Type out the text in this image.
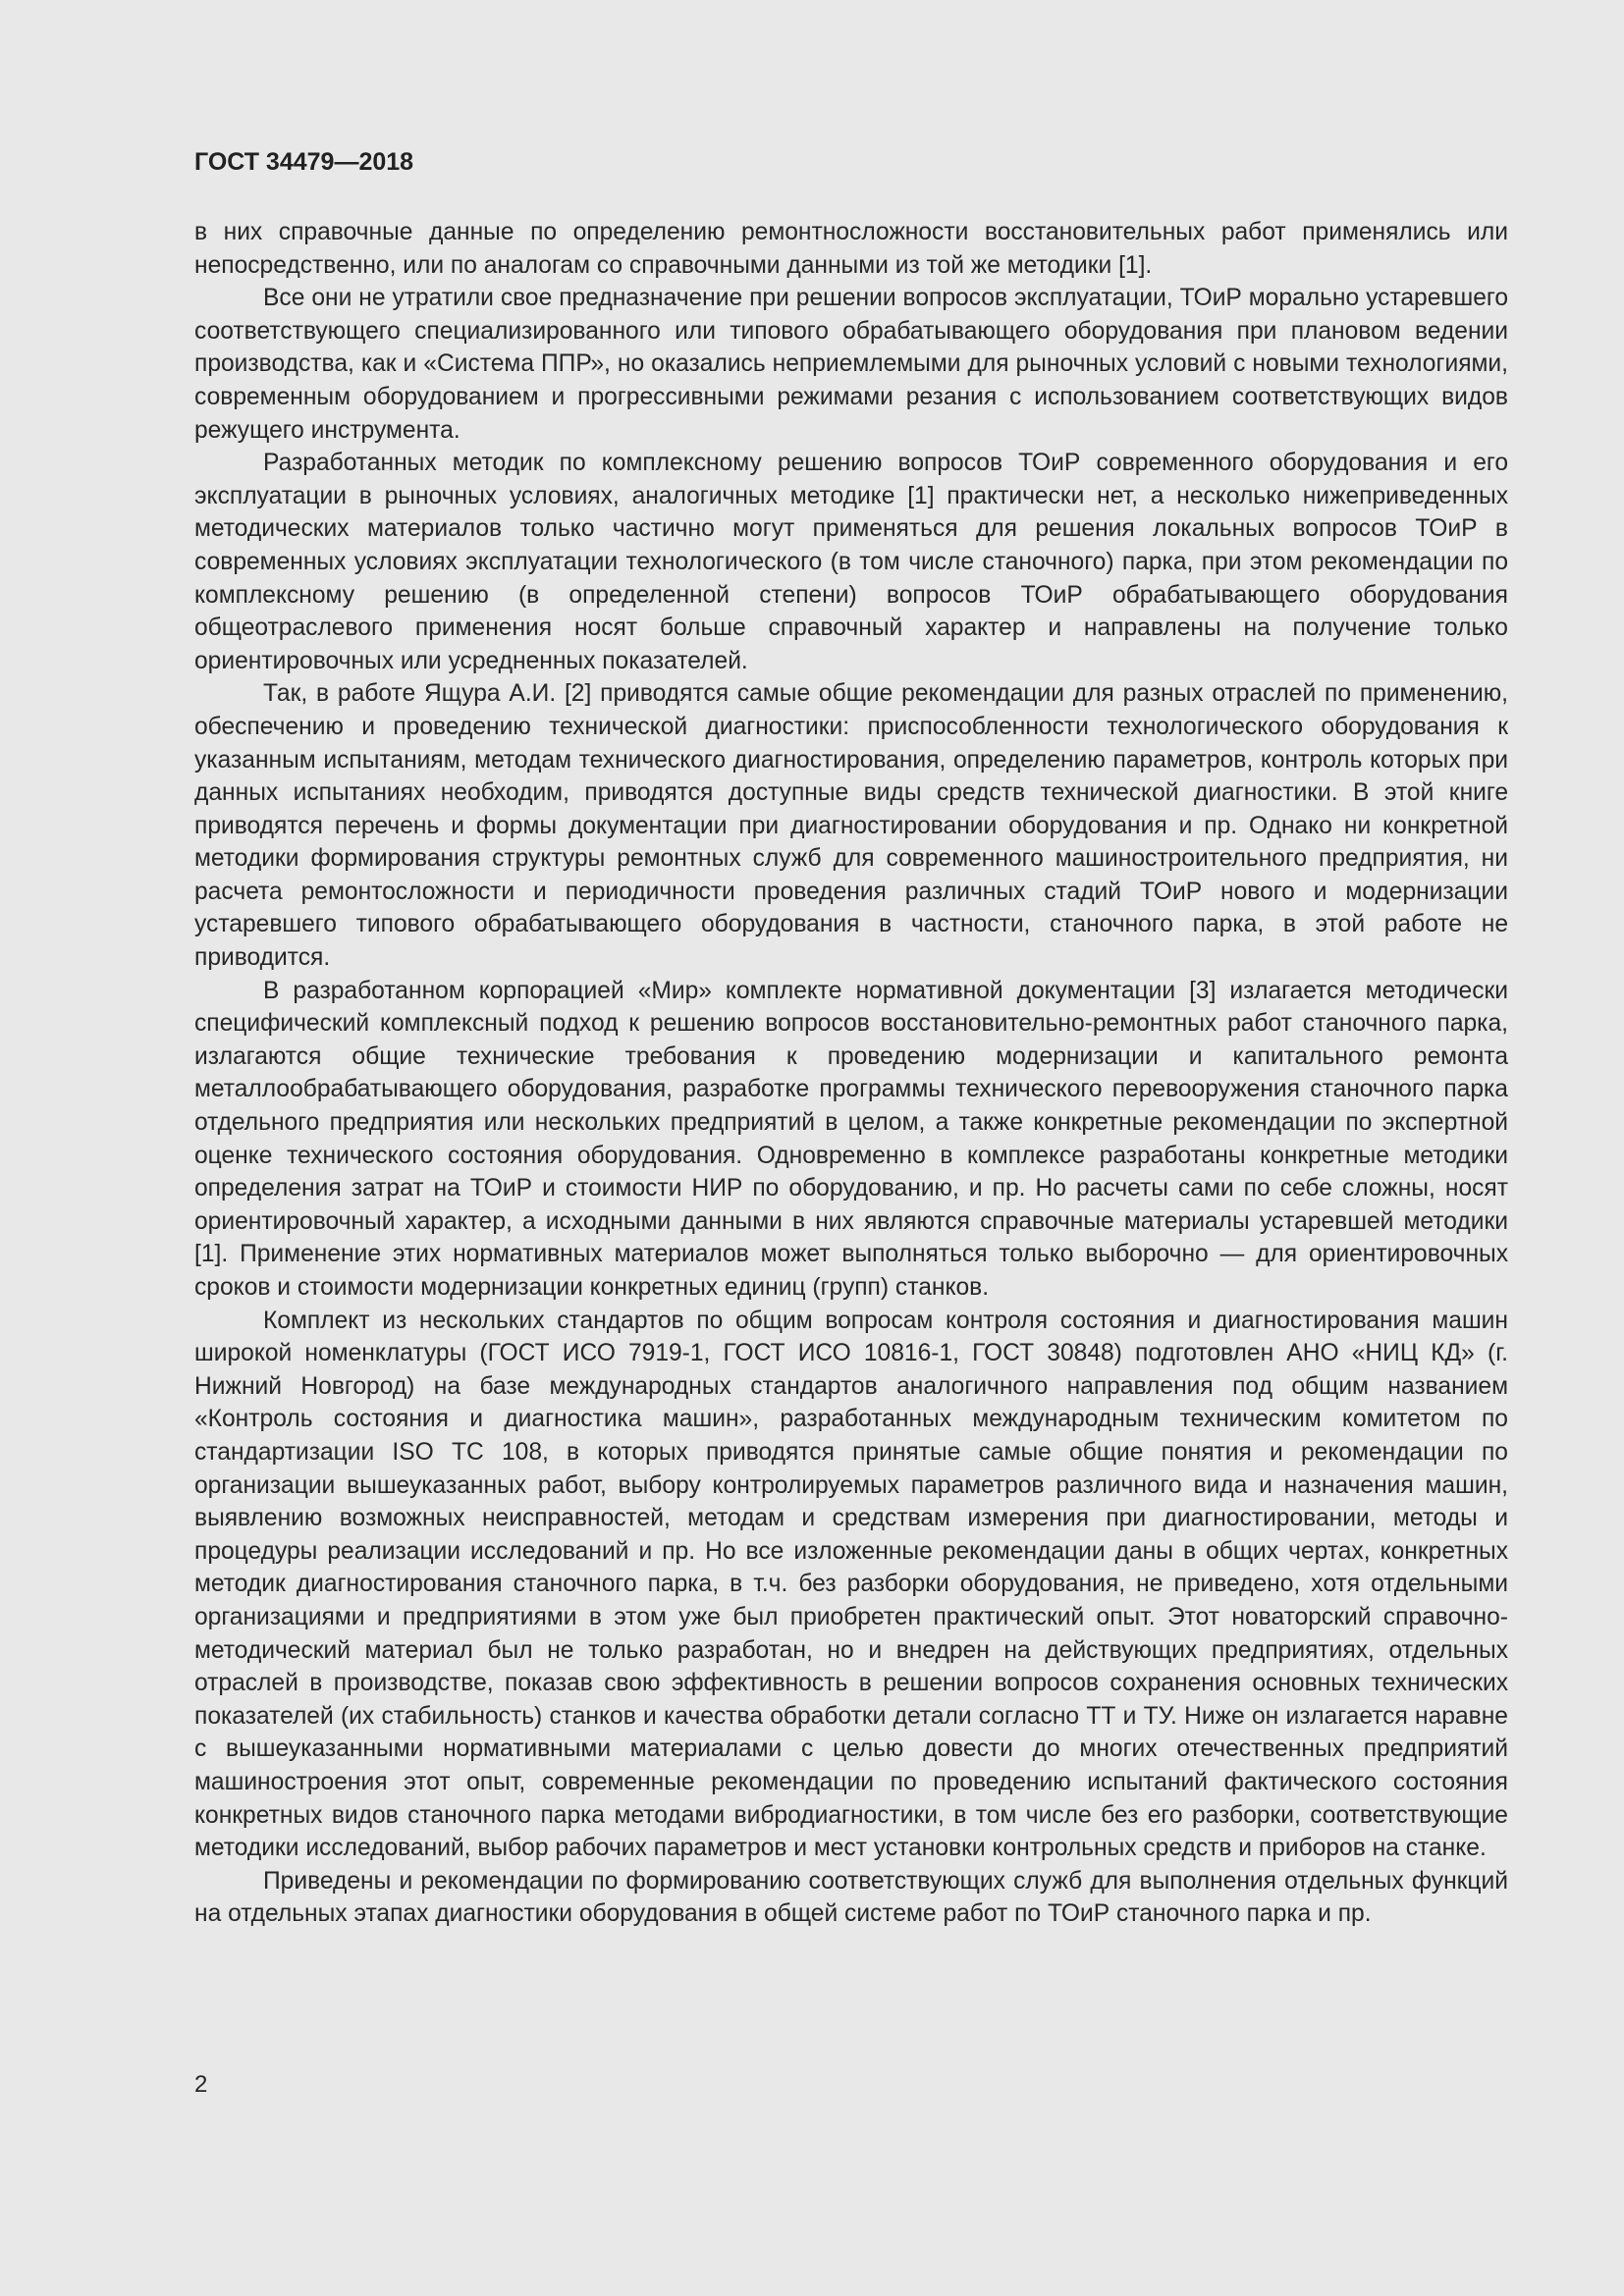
ГОСТ 34479—2018

в них справочные данные по определению ремонтносложности восстановительных работ применялись или непосредственно, или по аналогам со справочными данными из той же методики [1].

Все они не утратили свое предназначение при решении вопросов эксплуатации, ТОиР морально устаревшего соответствующего специализированного или типового обрабатывающего оборудования при плановом ведении производства, как и «Система ППР», но оказались неприемлемыми для рыночных условий с новыми технологиями, современным оборудованием и прогрессивными режимами резания с использованием соответствующих видов режущего инструмента.

Разработанных методик по комплексному решению вопросов ТОиР современного оборудования и его эксплуатации в рыночных условиях, аналогичных методике [1] практически нет, а несколько нижеприведенных методических материалов только частично могут применяться для решения локальных вопросов ТОиР в современных условиях эксплуатации технологического (в том числе станочного) парка, при этом рекомендации по комплексному решению (в определенной степени) вопросов ТОиР обрабатывающего оборудования общеотраслевого применения носят больше справочный характер и направлены на получение только ориентировочных или усредненных показателей.

Так, в работе Ящура А.И. [2] приводятся самые общие рекомендации для разных отраслей по применению, обеспечению и проведению технической диагностики: приспособленности технологического оборудования к указанным испытаниям, методам технического диагностирования, определению параметров, контроль которых при данных испытаниях необходим, приводятся доступные виды средств технической диагностики. В этой книге приводятся перечень и формы документации при диагностировании оборудования и пр. Однако ни конкретной методики формирования структуры ремонтных служб для современного машиностроительного предприятия, ни расчета ремонтосложности и периодичности проведения различных стадий ТОиР нового и модернизации устаревшего типового обрабатывающего оборудования в частности, станочного парка, в этой работе не приводится.

В разработанном корпорацией «Мир» комплекте нормативной документации [3] излагается методически специфический комплексный подход к решению вопросов восстановительно-ремонтных работ станочного парка, излагаются общие технические требования к проведению модернизации и капитального ремонта металлообрабатывающего оборудования, разработке программы технического перевооружения станочного парка отдельного предприятия или нескольких предприятий в целом, а также конкретные рекомендации по экспертной оценке технического состояния оборудования. Одновременно в комплексе разработаны конкретные методики определения затрат на ТОиР и стоимости НИР по оборудованию, и пр. Но расчеты сами по себе сложны, носят ориентировочный характер, а исходными данными в них являются справочные материалы устаревшей методики [1]. Применение этих нормативных материалов может выполняться только выборочно — для ориентировочных сроков и стоимости модернизации конкретных единиц (групп) станков.

Комплект из нескольких стандартов по общим вопросам контроля состояния и диагностирования машин широкой номенклатуры (ГОСТ ИСО 7919-1, ГОСТ ИСО 10816-1, ГОСТ 30848) подготовлен АНО «НИЦ КД» (г. Нижний Новгород) на базе международных стандартов аналогичного направления под общим названием «Контроль состояния и диагностика машин», разработанных международным техническим комитетом по стандартизации ISO ТС 108, в которых приводятся принятые самые общие понятия и рекомендации по организации вышеуказанных работ, выбору контролируемых параметров различного вида и назначения машин, выявлению возможных неисправностей, методам и средствам измерения при диагностировании, методы и процедуры реализации исследований и пр. Но все изложенные рекомендации даны в общих чертах, конкретных методик диагностирования станочного парка, в т.ч. без разборки оборудования, не приведено, хотя отдельными организациями и предприятиями в этом уже был приобретен практический опыт. Этот новаторский справочно-методический материал был не только разработан, но и внедрен на действующих предприятиях, отдельных отраслей в производстве, показав свою эффективность в решении вопросов сохранения основных технических показателей (их стабильность) станков и качества обработки детали согласно ТТ и ТУ. Ниже он излагается наравне с вышеуказанными нормативными материалами с целью довести до многих отечественных предприятий машиностроения этот опыт, современные рекомендации по проведению испытаний фактического состояния конкретных видов станочного парка методами вибродиагностики, в том числе без его разборки, соответствующие методики исследований, выбор рабочих параметров и мест установки контрольных средств и приборов на станке.

Приведены и рекомендации по формированию соответствующих служб для выполнения отдельных функций на отдельных этапах диагностики оборудования в общей системе работ по ТОиР станочного парка и пр.

2
